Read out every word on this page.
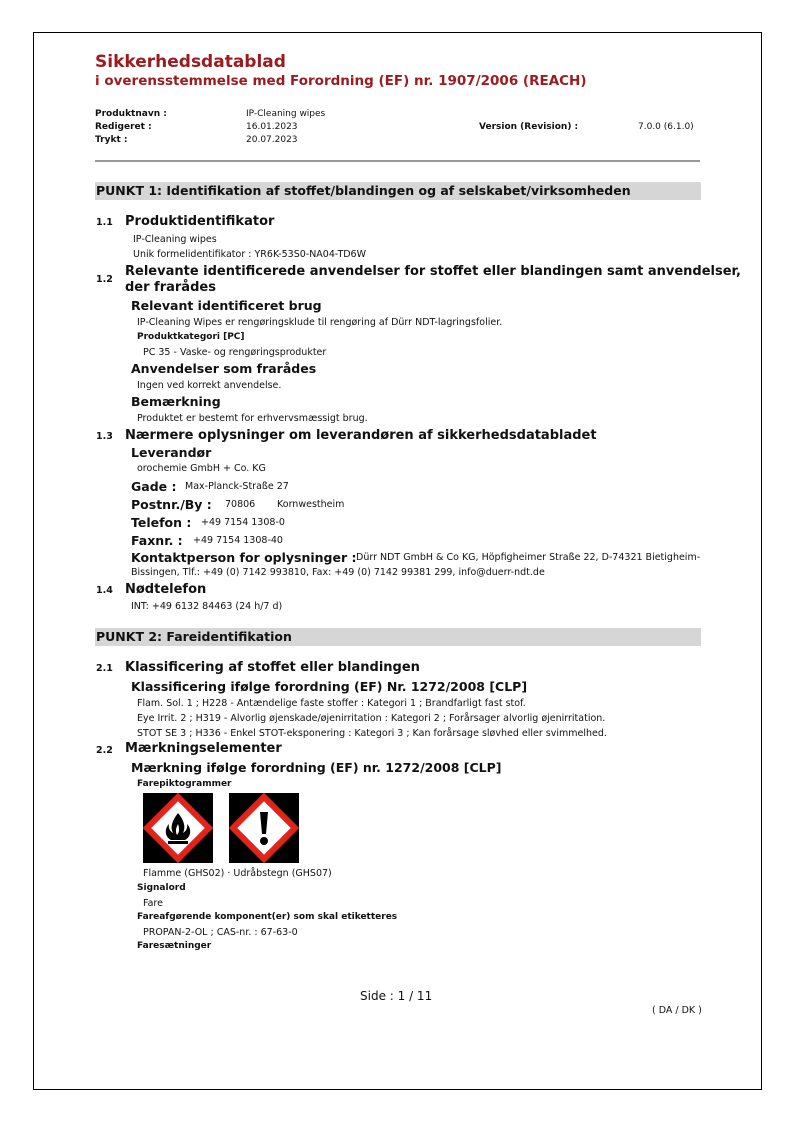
Sikkerhedsdatablad
i overensstemmelse med Forordning (EF) nr. 1907/2006 (REACH)
Produktnavn :	IP-Cleaning wipes
Redigeret :	16.01.2023
Trykt :	20.07.2023
Version (Revision) :	7.0.0 (6.1.0)
PUNKT 1: Identifikation af stoffet/blandingen og af selskabet/virksomheden
1.1 Produktidentifikator
IP-Cleaning wipes
Unik formelidentifikator : YR6K-53S0-NA04-TD6W
1.2
Relevante identificerede anvendelser for stoffet eller blandingen samt anvendelser,
der frarådes
Relevant identificeret brug
IP-Cleaning Wipes er rengøringsklude til rengøring af Dürr NDT-lagringsfolier.
Produktkategori [PC]
PC 35 - Vaske- og rengøringsprodukter
Anvendelser som frarådes
Ingen ved korrekt anvendelse.
Bemærkning
Produktet er bestemt for erhvervsmæssigt brug.
1.3 Nærmere oplysninger om leverandøren af sikkerhedsdatabladet
Leverandør
orochemie GmbH + Co. KG
Gade : Max-Planck-Straße 27
Postnr./By : 70806 Kornwestheim
Telefon : +49 7154 1308-0
Faxnr. : +49 7154 1308-40
Kontaktperson for oplysninger : Dürr NDT GmbH & Co KG, Höpfigheimer Straße 22, D-74321 Bietigheim-
Bissingen, Tlf.: +49 (0) 7142 993810, Fax: +49 (0) 7142 99381 299, info@duerr-ndt.de
1.4 Nødtelefon
INT: +49 6132 84463 (24 h/7 d)
PUNKT 2: Fareidentifikation
2.1 Klassificering af stoffet eller blandingen
Klassificering ifølge forordning (EF) Nr. 1272/2008 [CLP]
Flam. Sol. 1 ; H228 - Antændelige faste stoffer : Kategori 1 ; Brandfarligt fast stof.
Eye Irrit. 2 ; H319 - Alvorlig øjenskade/øjenirritation : Kategori 2 ; Forårsager alvorlig øjenirritation.
STOT SE 3 ; H336 - Enkel STOT-eksponering : Kategori 3 ; Kan forårsage sløvhed eller svimmelhed.
2.2 Mærkningselementer
Mærkning ifølge forordning (EF) nr. 1272/2008 [CLP]
Farepiktogrammer
Flamme (GHS02) · Udråbstegn (GHS07)
Signalord
Fare
Fareafgørende komponent(er) som skal etiketteres
PROPAN-2-OL ; CAS-nr. : 67-63-0
Faresætninger
Side : 1 / 11
( DA / DK )
